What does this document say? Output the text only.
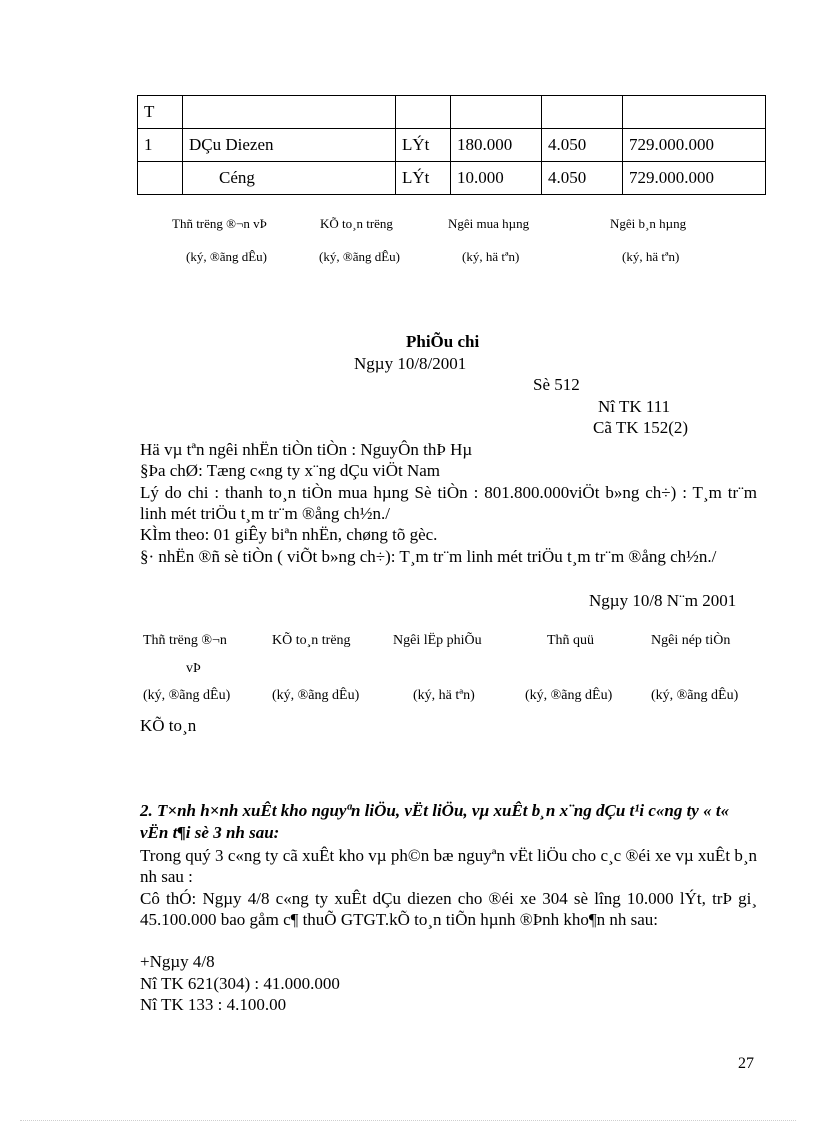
T					
1	DÇu Diezen	LÝt	180.000	4.050	729.000.000
	Céng	LÝt	10.000	4.050	729.000.000
Thñ trëng ®¬n vÞ	KÕ to¸n trëng	Ngêi mua hµng	Ngêi b¸n hµng
(ký, ®ãng dÊu)	(ký, ®ãng dÊu)	(ký, hä tªn)	(ký, hä tªn)
PhiÕu chi
Ngµy 10/8/2001
Sè 512
Nî TK 111
Cã TK 152(2)
Hä vµ tªn ngêi nhËn tiÒn tiÒn : NguyÔn thÞ Hµ
§Þa chØ: Tæng c«ng ty x¨ng dÇu viÖt Nam
Lý do chi : thanh to¸n tiÒn mua hµng Sè tiÒn : 801.800.000viÖt b»ng ch÷) : T¸m tr¨m linh mét triÖu t¸m tr¨m ®ång ch½n./
KÌm theo: 01 giÊy biªn nhËn, chøng tõ gèc.
§· nhËn ®ñ sè tiÒn ( viÕt b»ng ch÷): T¸m tr¨m linh mét triÖu t¸m tr¨m ®ång ch½n./
Ngµy 10/8 N¨m 2001
Thñ trëng ®¬n	KÕ to¸n trëng	Ngêi lËp phiÕu	Thñ quü	Ngêi nép tiÒn
vÞ
(ký, ®ãng dÊu)	(ký, ®ãng dÊu)	(ký, hä tªn)	(ký, ®ãng dÊu)	(ký, ®ãng dÊu)
KÕ to¸n
2. T×nh h×nh xuÊt kho nguyªn liÖu, vËt liÖu, vµ xuÊt b¸n x¨ng dÇu t¹i c«ng ty « t« vËn t¶i sè 3 nh sau:
Trong quý 3 c«ng ty cã xuÊt kho vµ ph©n bæ nguyªn vËt liÖu cho c¸c ®éi xe vµ xuÊt b¸n nh sau :
Cô thÓ: Ngµy 4/8 c«ng ty xuÊt dÇu diezen cho ®éi xe 304 sè lîng 10.000 lÝt, trÞ gi¸ 45.100.000 bao gåm c¶ thuÕ GTGT.kÕ to¸n tiÕn hµnh ®Þnh kho¶n nh sau:
+Ngµy 4/8
Nî TK 621(304) : 41.000.000
Nî TK 133 : 4.100.00
27
